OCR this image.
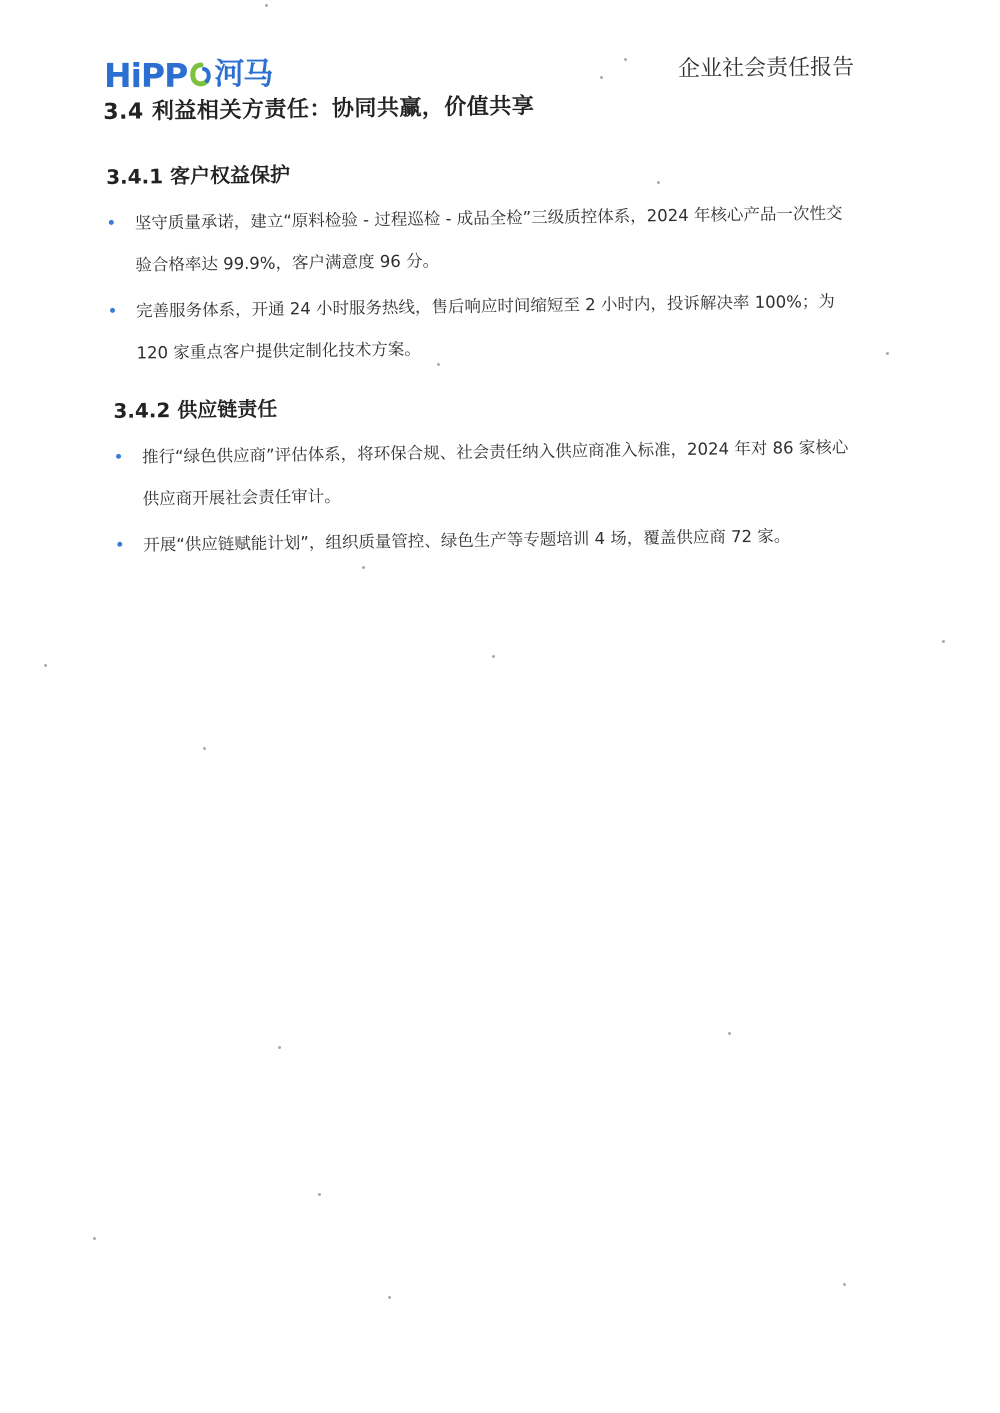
HiPP 河马	企业社会责任报告
3.4 利益相关方责任：协同共赢，价值共享
3.4.1 客户权益保护
坚守质量承诺，建立“原料检验 - 过程巡检 - 成品全检”三级质控体系，2024 年核心产品一次性交验合格率达 99.9%，客户满意度 96 分。
完善服务体系，开通 24 小时服务热线，售后响应时间缩短至 2 小时内，投诉解决率 100%；为 120 家重点客户提供定制化技术方案。
3.4.2 供应链责任
推行“绿色供应商”评估体系，将环保合规、社会责任纳入供应商准入标准，2024 年对 86 家核心供应商开展社会责任审计。
开展“供应链赋能计划”，组织质量管控、绿色生产等专题培训 4 场，覆盖供应商 72 家。
